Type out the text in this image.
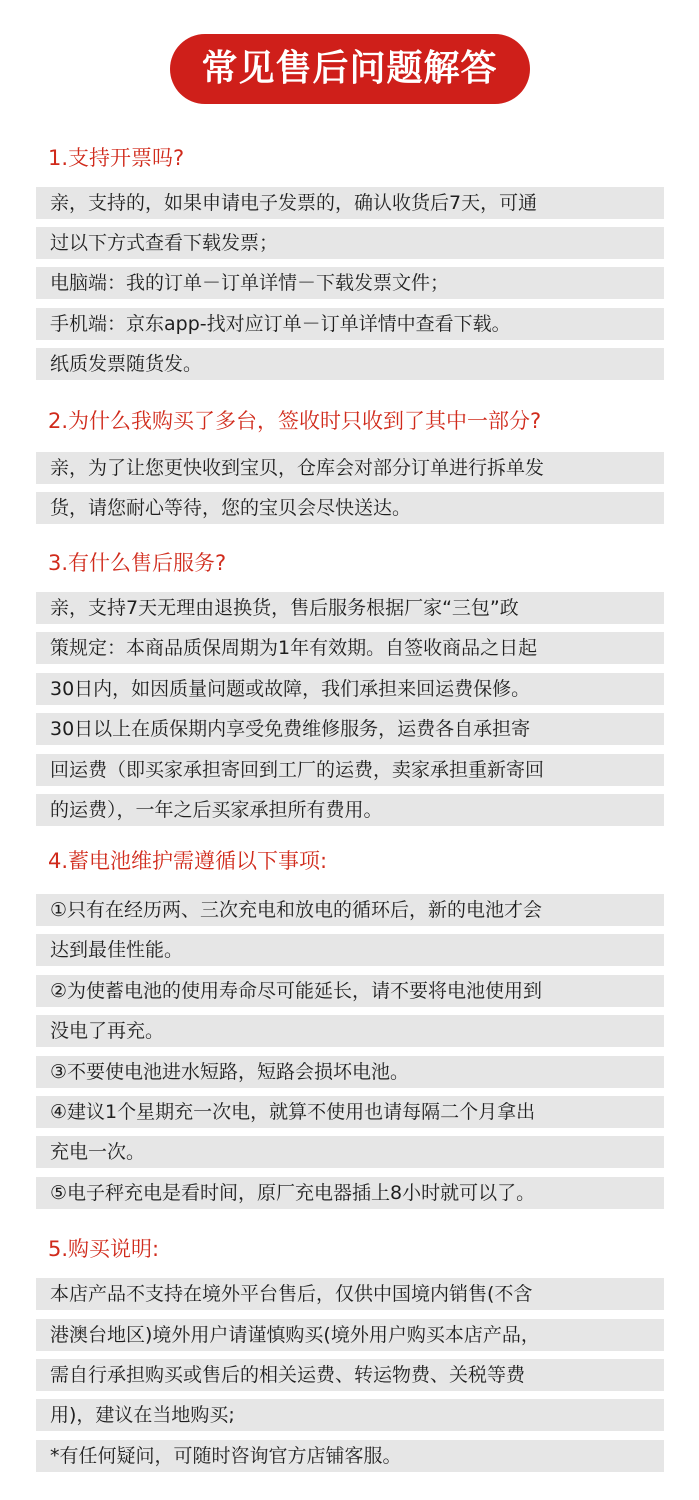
常见售后问题解答
1.支持开票吗?
亲，支持的，如果申请电子发票的，确认收货后7天，可通
过以下方式查看下载发票；
电脑端：我的订单－订单详情－下载发票文件；
手机端：京东app-找对应订单－订单详情中查看下载。
纸质发票随货发。
2.为什么我购买了多台，签收时只收到了其中一部分?
亲，为了让您更快收到宝贝，仓库会对部分订单进行拆单发
货，请您耐心等待，您的宝贝会尽快送达。
3.有什么售后服务?
亲，支持7天无理由退换货，售后服务根据厂家“三包”政
策规定：本商品质保周期为1年有效期。自签收商品之日起
30日内，如因质量问题或故障，我们承担来回运费保修。
30日以上在质保期内享受免费维修服务，运费各自承担寄
回运费（即买家承担寄回到工厂的运费，卖家承担重新寄回
的运费），一年之后买家承担所有费用。
4.蓄电池维护需遵循以下事项:
①只有在经历两、三次充电和放电的循环后，新的电池才会
达到最佳性能。
②为使蓄电池的使用寿命尽可能延长，请不要将电池使用到
没电了再充。
③不要使电池进水短路，短路会损坏电池。
④建议1个星期充一次电，就算不使用也请每隔二个月拿出
充电一次。
⑤电子秤充电是看时间，原厂充电器插上8小时就可以了。
5.购买说明:
本店产品不支持在境外平台售后，仅供中国境内销售(不含
港澳台地区)境外用户请谨慎购买(境外用户购买本店产品，
需自行承担购买或售后的相关运费、转运物费、关税等费
用)，建议在当地购买;
*有任何疑问，可随时咨询官方店铺客服。
